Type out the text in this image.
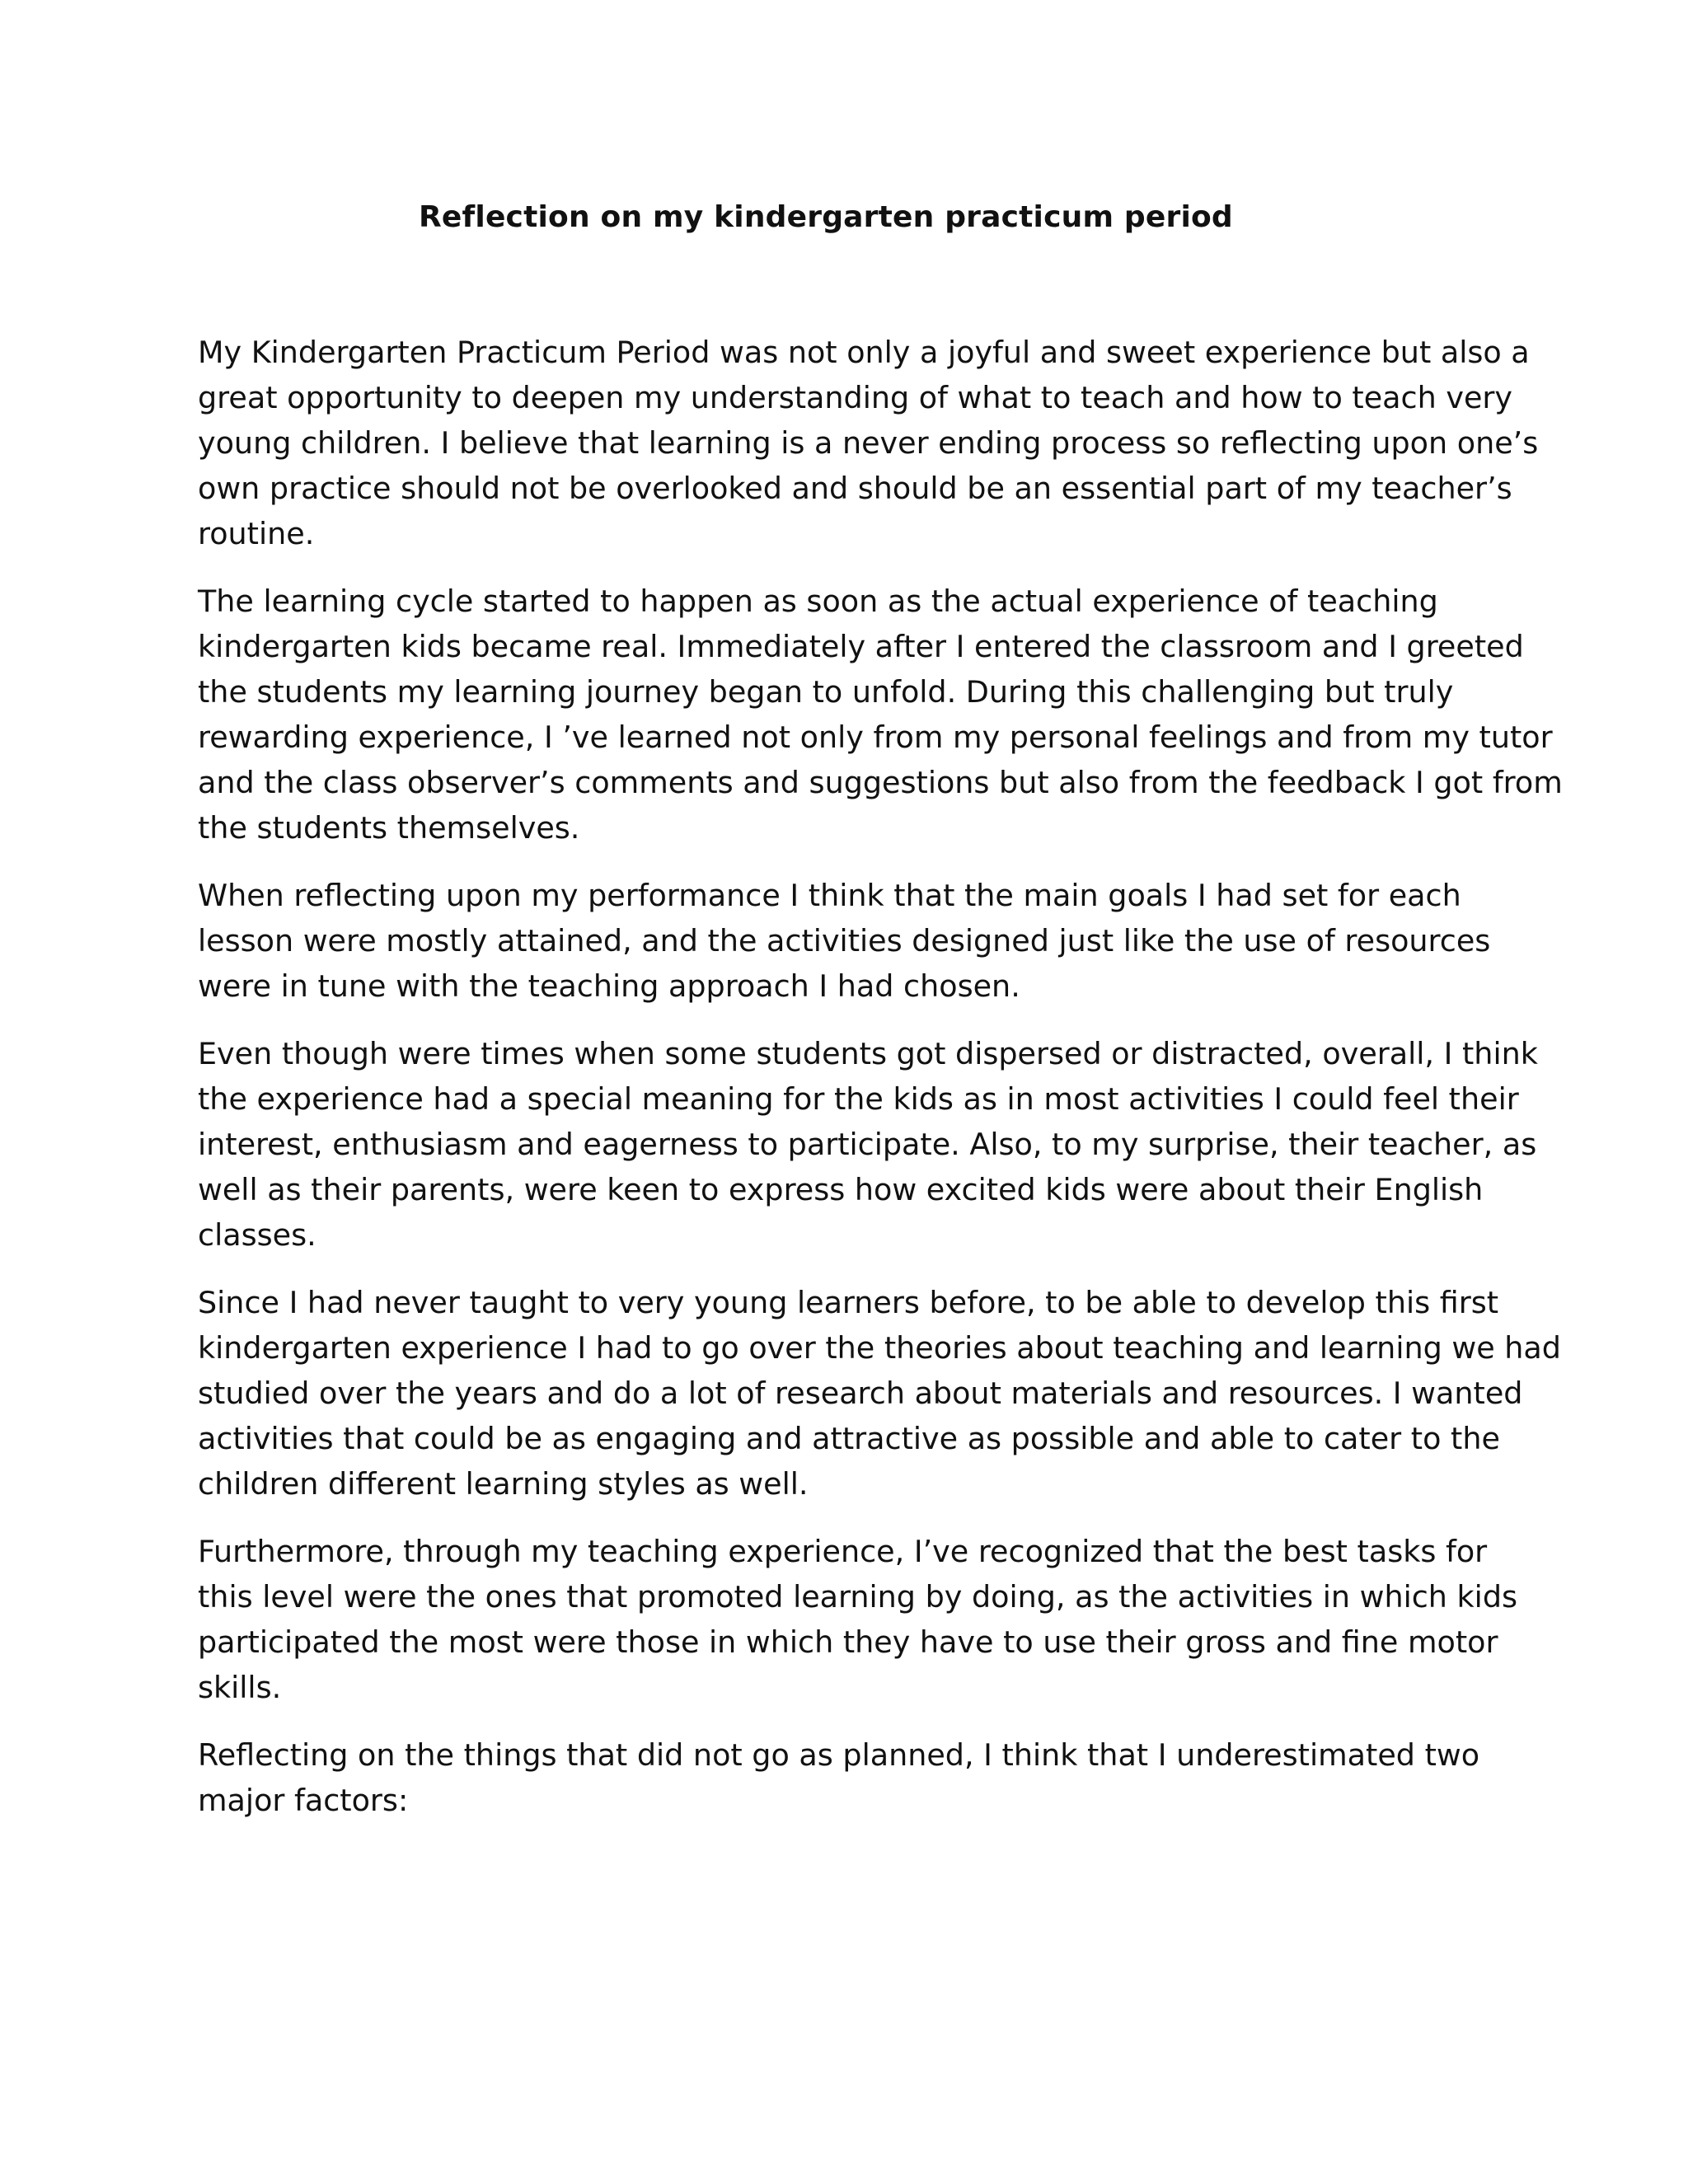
Reflection on my kindergarten practicum period

My Kindergarten Practicum Period was not only a joyful and sweet experience but also a
great opportunity to deepen my understanding of what to teach and how to teach very
young children. I believe that learning is a never ending process so reflecting upon one’s
own practice should not be overlooked and should be an essential part of my teacher’s
routine.

The learning cycle started to happen as soon as the actual experience of teaching
kindergarten kids became real. Immediately after I entered the classroom and I greeted
the students my learning journey began to unfold. During this challenging but truly
rewarding experience, I ’ve learned not only from my personal feelings and from my tutor
and the class observer’s comments and suggestions but also from the feedback I got from
the students themselves.

When reflecting upon my performance I think that the main goals I had set for each
lesson were mostly attained, and the activities designed just like the use of resources
were in tune with the teaching approach I had chosen.

Even though were times when some students got dispersed or distracted, overall, I think
the experience had a special meaning for the kids as in most activities I could feel their
interest, enthusiasm and eagerness to participate. Also, to my surprise, their teacher, as
well as their parents, were keen to express how excited kids were about their English
classes.

Since I had never taught to very young learners before, to be able to develop this first
kindergarten experience I had to go over the theories about teaching and learning we had
studied over the years and do a lot of research about materials and resources. I wanted
activities that could be as engaging and attractive as possible and able to cater to the
children different learning styles as well.

Furthermore, through my teaching experience, I’ve recognized that the best tasks for
this level were the ones that promoted learning by doing, as the activities in which kids
participated the most were those in which they have to use their gross and fine motor
skills.

Reflecting on the things that did not go as planned, I think that I underestimated two
major factors:
